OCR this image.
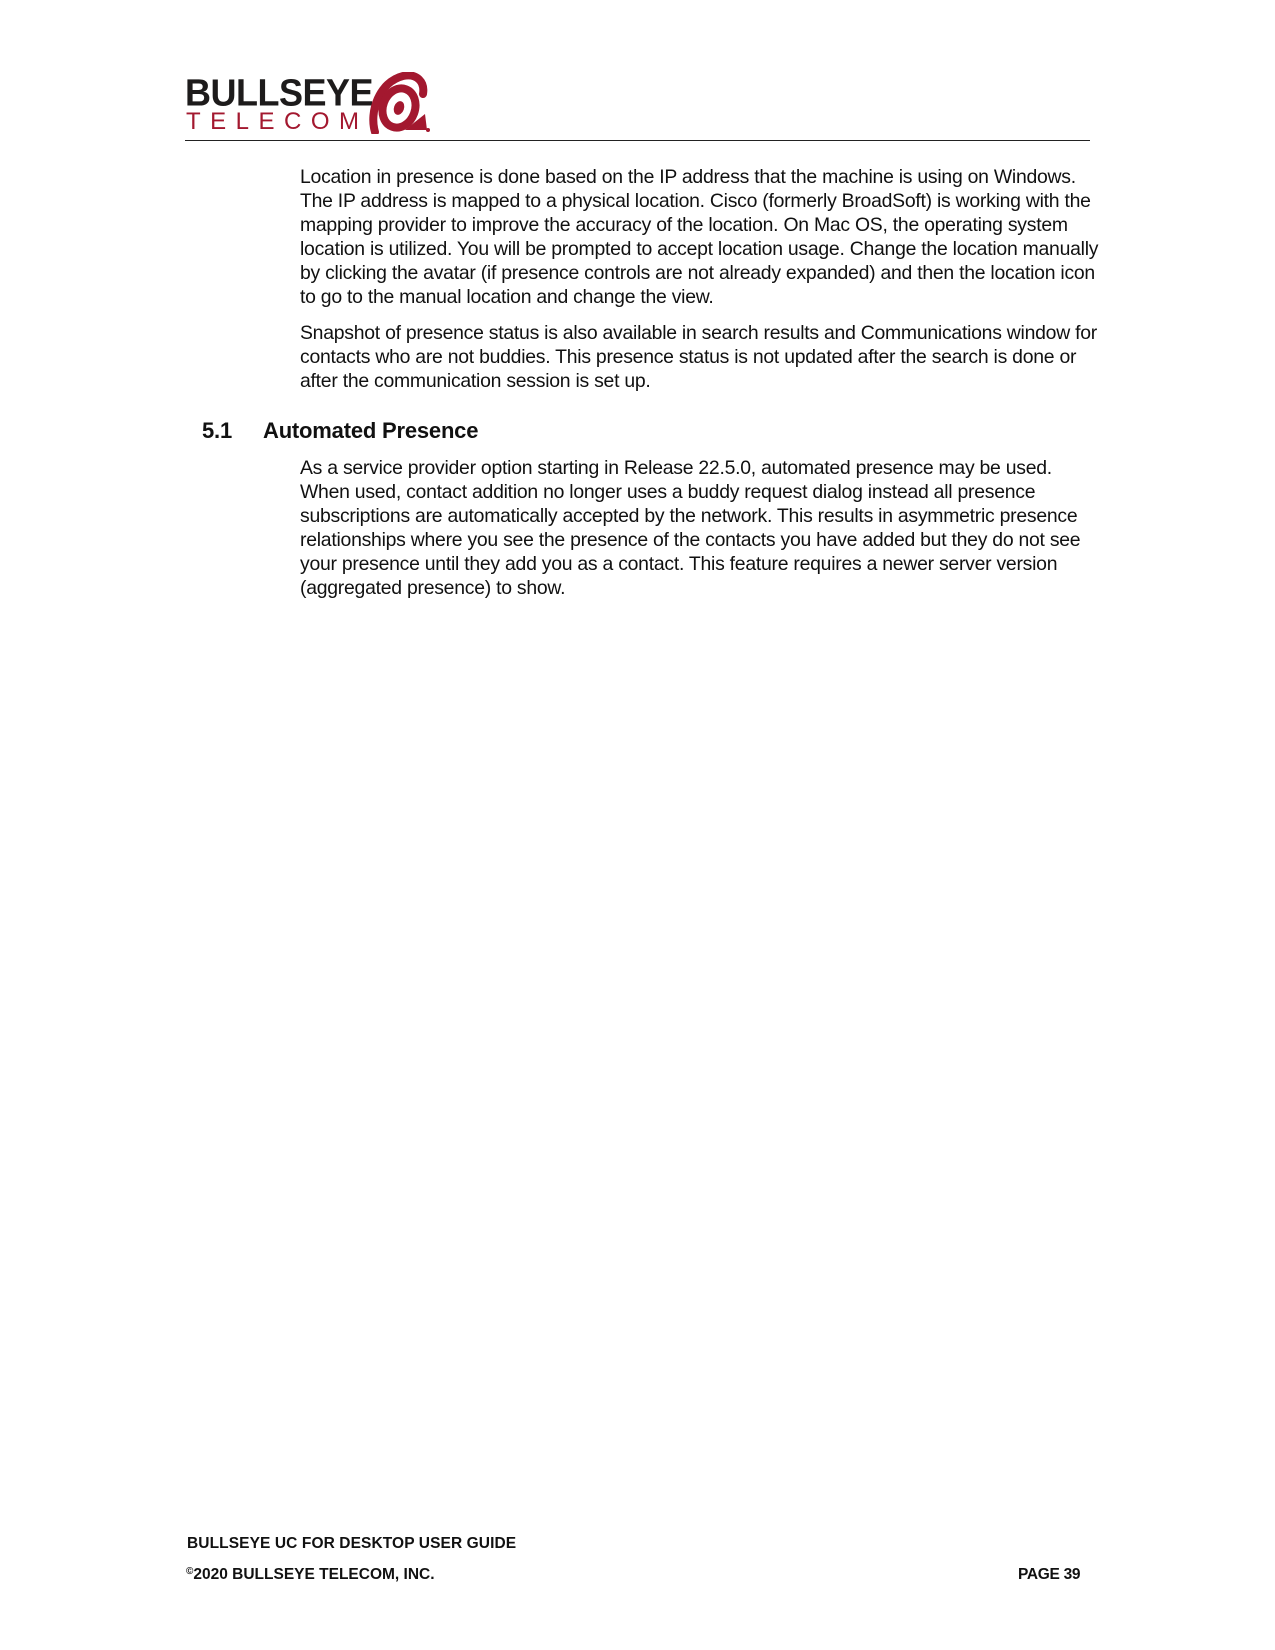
BULLSEYE
TELECOM

Location in presence is done based on the IP address that the machine is using on Windows. The IP address is mapped to a physical location. Cisco (formerly BroadSoft) is working with the mapping provider to improve the accuracy of the location. On Mac OS, the operating system location is utilized. You will be prompted to accept location usage. Change the location manually by clicking the avatar (if presence controls are not already expanded) and then the location icon to go to the manual location and change the view.

Snapshot of presence status is also available in search results and Communications window for contacts who are not buddies. This presence status is not updated after the search is done or after the communication session is set up.

5.1 Automated Presence

As a service provider option starting in Release 22.5.0, automated presence may be used. When used, contact addition no longer uses a buddy request dialog instead all presence subscriptions are automatically accepted by the network. This results in asymmetric presence relationships where you see the presence of the contacts you have added but they do not see your presence until they add you as a contact. This feature requires a newer server version (aggregated presence) to show.

BULLSEYE UC FOR DESKTOP USER GUIDE
©2020 BULLSEYE TELECOM, INC.	PAGE 39
